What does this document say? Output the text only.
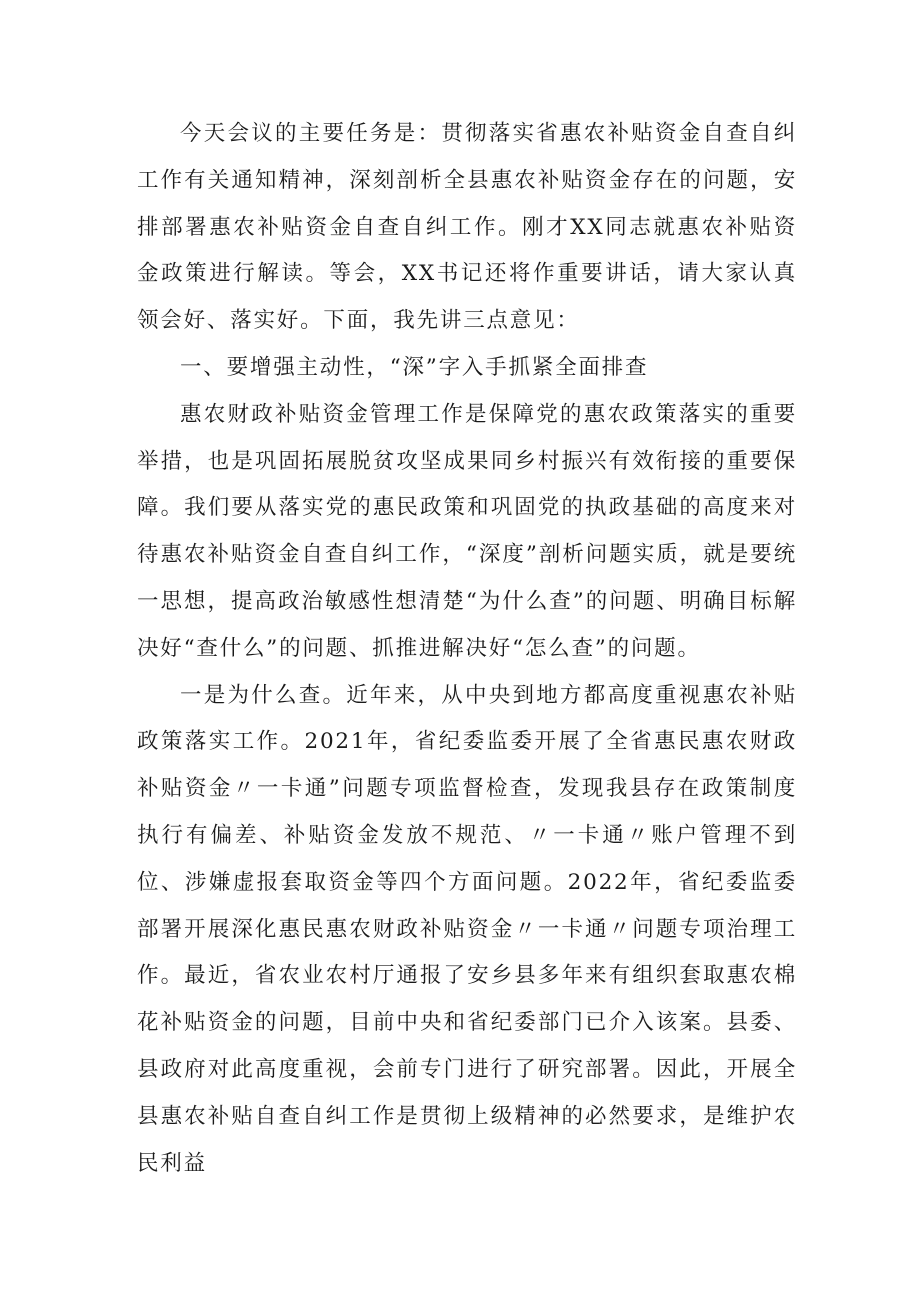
今天会议的主要任务是：贯彻落实省惠农补贴资金自查自纠工作有关通知精神，深刻剖析全县惠农补贴资金存在的问题，安排部署惠农补贴资金自查自纠工作。刚才XX同志就惠农补贴资金政策进行解读。等会，XX书记还将作重要讲话，请大家认真领会好、落实好。下面，我先讲三点意见：

一、要增强主动性，“深”字入手抓紧全面排查

惠农财政补贴资金管理工作是保障党的惠农政策落实的重要举措，也是巩固拓展脱贫攻坚成果同乡村振兴有效衔接的重要保障。我们要从落实党的惠民政策和巩固党的执政基础的高度来对待惠农补贴资金自查自纠工作，“深度”剖析问题实质，就是要统一思想，提高政治敏感性想清楚“为什么查”的问题、明确目标解决好“查什么”的问题、抓推进解决好“怎么查”的问题。

一是为什么查。近年来，从中央到地方都高度重视惠农补贴政策落实工作。2021年，省纪委监委开展了全省惠民惠农财政补贴资金〃一卡通”问题专项监督检查，发现我县存在政策制度执行有偏差、补贴资金发放不规范、〃一卡通〃账户管理不到位、涉嫌虚报套取资金等四个方面问题。2022年，省纪委监委部署开展深化惠民惠农财政补贴资金〃一卡通〃问题专项治理工作。最近，省农业农村厅通报了安乡县多年来有组织套取惠农棉花补贴资金的问题，目前中央和省纪委部门已介入该案。县委、县政府对此高度重视，会前专门进行了研究部署。因此，开展全县惠农补贴自查自纠工作是贯彻上级精神的必然要求，是维护农民利益
